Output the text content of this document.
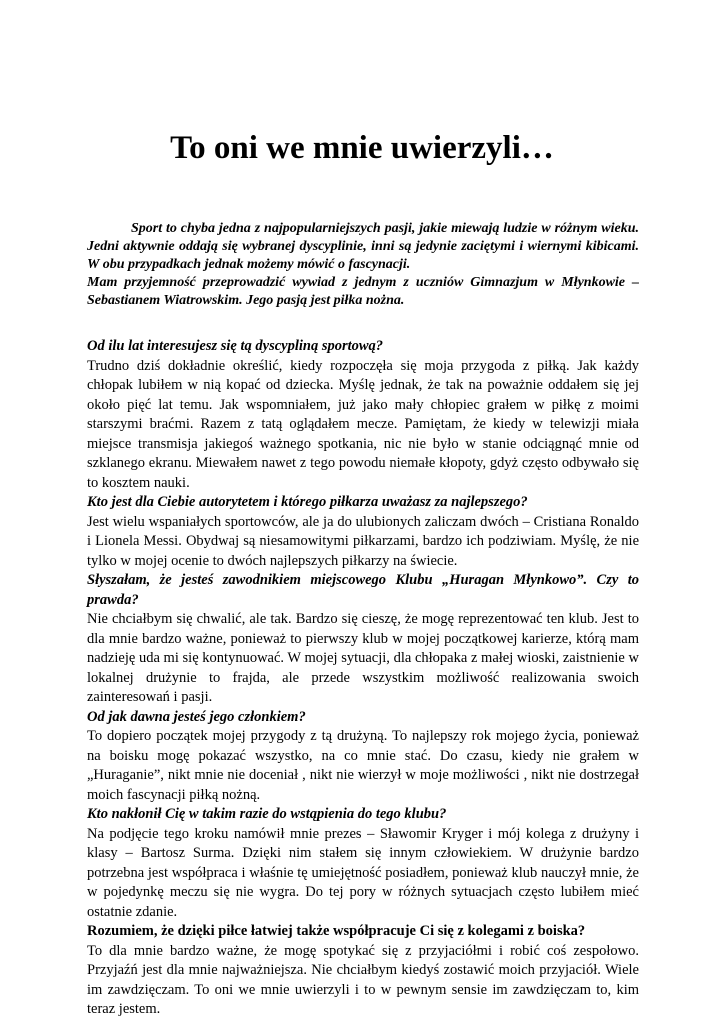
To oni we mnie uwierzyli…

Sport to chyba jedna z najpopularniejszych pasji, jakie miewają ludzie w różnym wieku. Jedni aktywnie oddają się wybranej dyscyplinie, inni są jedynie zaciętymi i wiernymi kibicami. W obu przypadkach jednak możemy mówić o fascynacji.

Mam przyjemność przeprowadzić wywiad z jednym z uczniów Gimnazjum w Młynkowie – Sebastianem Wiatrowskim. Jego pasją jest piłka nożna.

Od ilu lat interesujesz się tą dyscypliną sportową?

Trudno dziś dokładnie określić, kiedy rozpoczęła się moja przygoda z piłką. Jak każdy chłopak lubiłem w nią kopać od dziecka. Myślę jednak, że tak na poważnie oddałem się jej około pięć lat temu. Jak wspomniałem, już jako mały chłopiec grałem w piłkę z moimi starszymi braćmi. Razem z tatą oglądałem mecze. Pamiętam, że kiedy w telewizji miała miejsce transmisja jakiegoś ważnego spotkania, nic nie było w stanie odciągnąć mnie od szklanego ekranu. Miewałem nawet z tego powodu niemałe kłopoty, gdyż często odbywało się to kosztem nauki.

Kto jest dla Ciebie autorytetem i którego piłkarza uważasz za najlepszego?

Jest wielu wspaniałych sportowców, ale ja do ulubionych zaliczam dwóch – Cristiana Ronaldo i Lionela Messi. Obydwaj są niesamowitymi piłkarzami, bardzo ich podziwiam. Myślę, że nie tylko w mojej ocenie to dwóch najlepszych piłkarzy na świecie.

Słyszałam, że jesteś zawodnikiem miejscowego Klubu „Huragan Młynkowo”. Czy to prawda?

Nie chciałbym się chwalić, ale tak. Bardzo się cieszę, że mogę reprezentować ten klub. Jest to dla mnie bardzo ważne, ponieważ to pierwszy klub w mojej początkowej karierze, którą mam nadzieję uda mi się kontynuować. W mojej sytuacji, dla chłopaka z małej wioski, zaistnienie w lokalnej drużynie to frajda, ale przede wszystkim możliwość realizowania swoich zainteresowań i pasji.

Od jak dawna jesteś jego członkiem?

To dopiero początek mojej przygody z tą drużyną. To najlepszy rok mojego życia, ponieważ na boisku mogę pokazać wszystko, na co mnie stać. Do czasu, kiedy nie grałem w „Huraganie”, nikt mnie nie doceniał , nikt nie wierzył w moje możliwości , nikt nie dostrzegał moich fascynacji piłką nożną.

Kto nakłonił Cię w takim razie do wstąpienia do tego klubu?

Na podjęcie tego kroku namówił mnie prezes – Sławomir Kryger i mój kolega z drużyny i klasy – Bartosz Surma. Dzięki nim stałem się innym człowiekiem. W drużynie bardzo potrzebna jest współpraca i właśnie tę umiejętność posiadłem, ponieważ klub nauczył mnie, że w pojedynkę meczu się nie wygra. Do tej pory w różnych sytuacjach często lubiłem mieć ostatnie zdanie.

Rozumiem, że dzięki piłce łatwiej także współpracuje Ci się z kolegami z boiska?

To dla mnie bardzo ważne, że mogę spotykać się z przyjaciółmi i robić coś zespołowo. Przyjaźń jest dla mnie najważniejsza. Nie chciałbym kiedyś zostawić moich przyjaciół. Wiele im zawdzięczam. To oni we mnie uwierzyli i to w pewnym sensie im zawdzięczam to, kim teraz jestem.
